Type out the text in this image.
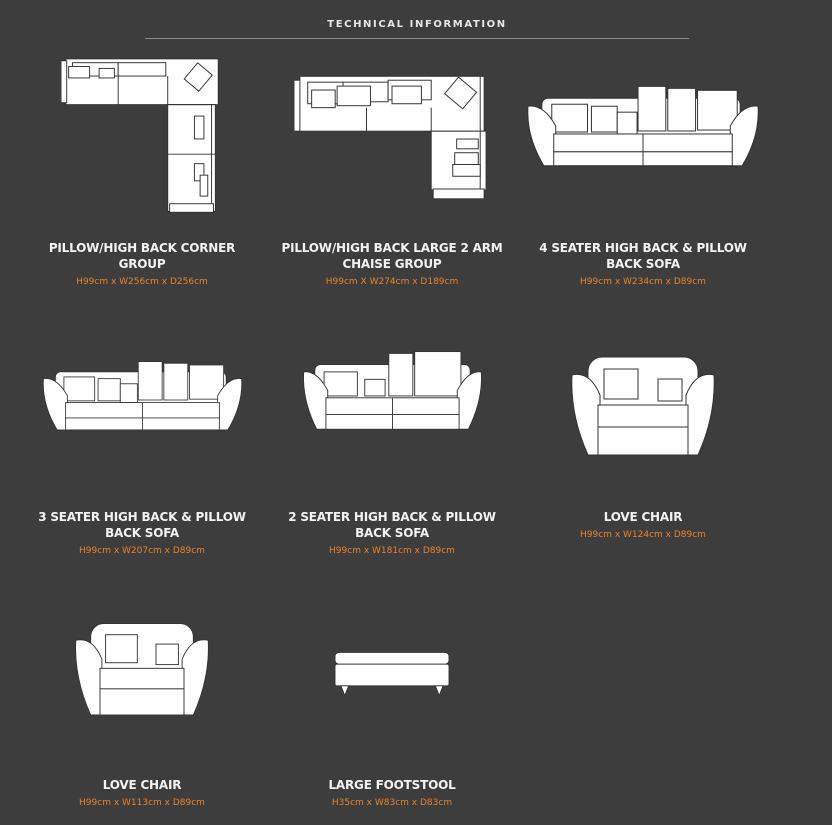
TECHNICAL INFORMATION
PILLOW/HIGH BACK CORNER GROUP
H99cm x W256cm x D256cm
PILLOW/HIGH BACK LARGE 2 ARM CHAISE GROUP
H99cm X W274cm x D189cm
4 SEATER HIGH BACK & PILLOW BACK SOFA
H99cm x W234cm x D89cm
3 SEATER HIGH BACK & PILLOW BACK SOFA
H99cm x W207cm x D89cm
2 SEATER HIGH BACK & PILLOW BACK SOFA
H99cm x W181cm x D89cm
LOVE CHAIR
H99cm x W124cm x D89cm
LOVE CHAIR
H99cm x W113cm x D89cm
LARGE FOOTSTOOL
H35cm x W83cm x D83cm
